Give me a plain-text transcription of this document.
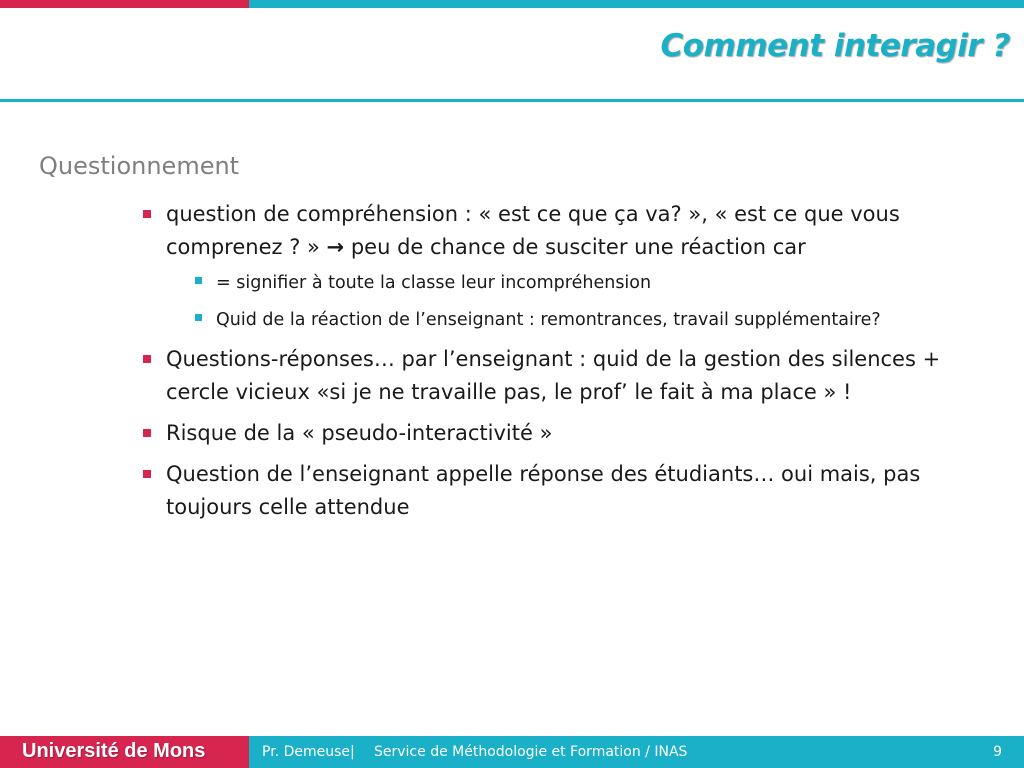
Comment interagir ?
Questionnement
question de compréhension : « est ce que ça va? », « est ce que vous comprenez ? » → peu de chance de susciter une réaction car
= signifier à toute la classe leur incompréhension
Quid de la réaction de l’enseignant : remontrances, travail supplémentaire?
Questions-réponses… par l’enseignant : quid de la gestion des silences + cercle vicieux «si je ne travaille pas, le prof’ le fait à ma place » !
Risque de la « pseudo-interactivité »
Question de l’enseignant appelle réponse des étudiants… oui mais, pas toujours celle attendue
Université de Mons	Pr. Demeuse| Service de Méthodologie et Formation / INAS	9
